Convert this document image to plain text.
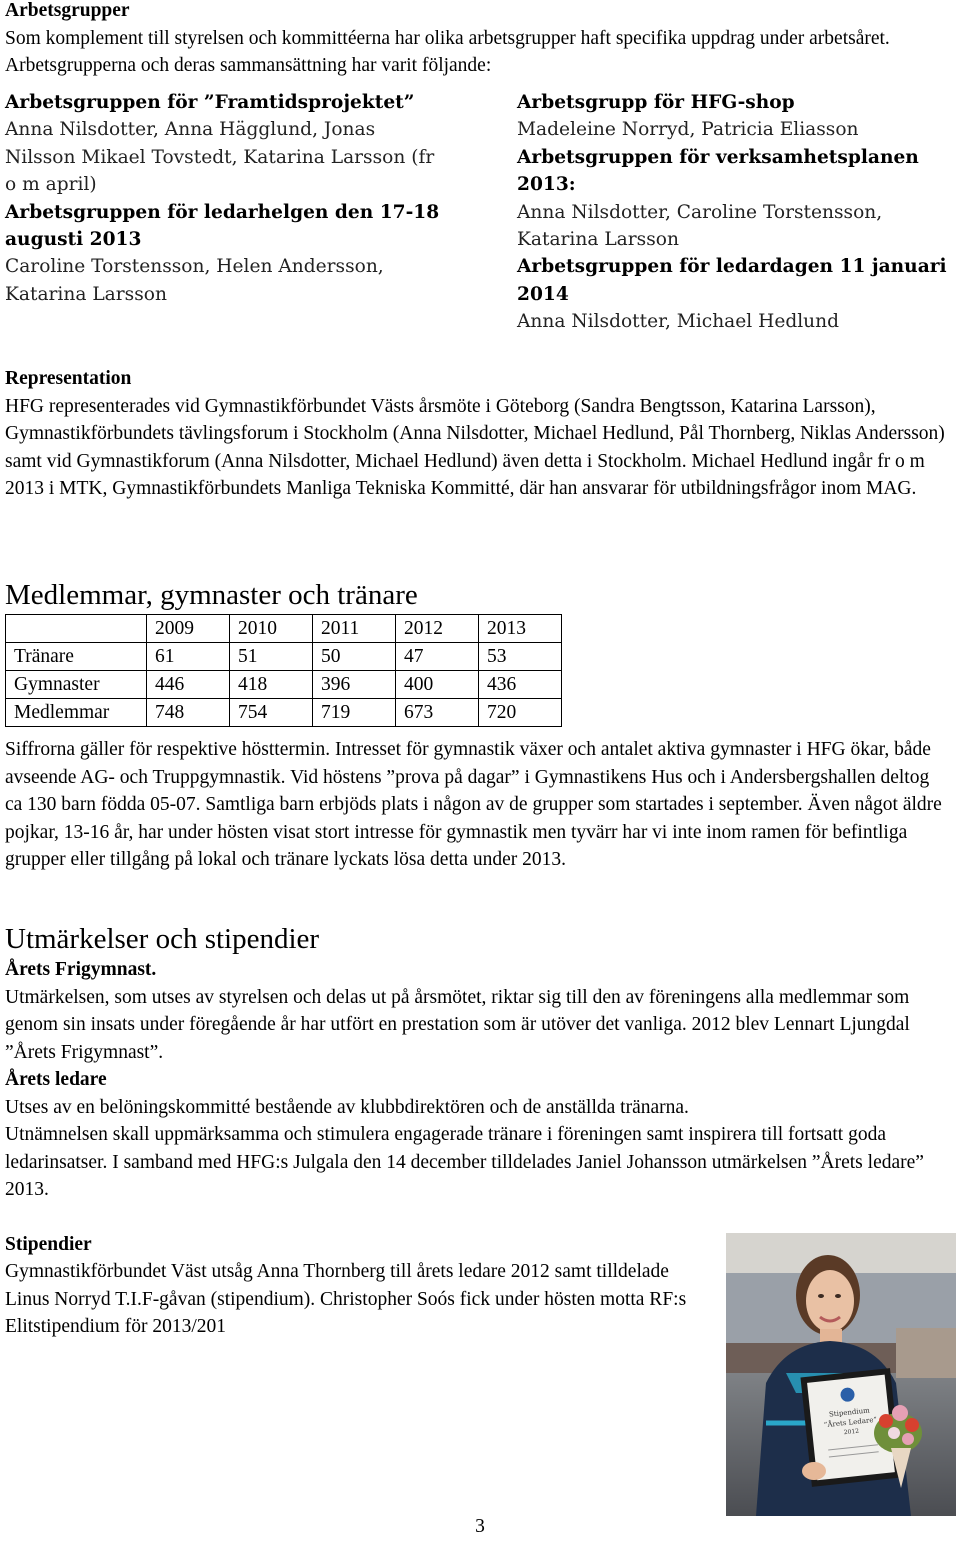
Arbetsgrupper

Som komplement till styrelsen och kommittéerna har olika arbetsgrupper haft specifika uppdrag under arbetsåret. Arbetsgrupperna och deras sammansättning har varit följande:

Arbetsgruppen för ”Framtidsprojektet”
Anna Nilsdotter, Anna Hägglund, Jonas Nilsson Mikael Tovstedt, Katarina Larsson (fr o m april)
Arbetsgruppen för ledarhelgen den 17-18 augusti 2013
Caroline Torstensson, Helen Andersson, Katarina Larsson
Arbetsgrupp för HFG-shop
Madeleine Norryd, Patricia Eliasson
Arbetsgruppen för verksamhetsplanen 2013:
Anna Nilsdotter, Caroline Torstensson, Katarina Larsson
Arbetsgruppen för ledardagen 11 januari 2014
Anna Nilsdotter, Michael Hedlund
Representation

HFG representerades vid Gymnastikförbundet Västs årsmöte i Göteborg (Sandra Bengtsson, Katarina Larsson), Gymnastikförbundets tävlingsforum i Stockholm (Anna Nilsdotter, Michael Hedlund, Pål Thornberg, Niklas Andersson) samt vid Gymnastikforum (Anna Nilsdotter, Michael Hedlund) även detta i Stockholm. Michael Hedlund ingår fr o m 2013 i MTK, Gymnastikförbundets Manliga Tekniska Kommitté, där han ansvarar för utbildningsfrågor inom MAG.

Medlemmar, gymnaster och tränare
	2009	2010	2011	2012	2013
Tränare	61	51	50	47	53
Gymnaster	446	418	396	400	436
Medlemmar	748	754	719	673	720

Siffrorna gäller för respektive hösttermin. Intresset för gymnastik växer och antalet aktiva gymnaster i HFG ökar, både avseende AG- och Truppgymnastik. Vid höstens ”prova på dagar” i Gymnastikens Hus och i Andersbergshallen deltog ca 130 barn födda 05-07. Samtliga barn erbjöds plats i någon av de grupper som startades i september. Även något äldre pojkar, 13-16 år, har under hösten visat stort intresse för gymnastik men tyvärr har vi inte inom ramen för befintliga grupper eller tillgång på lokal och tränare lyckats lösa detta under 2013.

Utmärkelser och stipendier
Årets Frigymnast.

Utmärkelsen, som utses av styrelsen och delas ut på årsmötet, riktar sig till den av föreningens alla medlemmar som genom sin insats under föregående år har utfört en prestation som är utöver det vanliga. 2012 blev Lennart Ljungdal ”Årets Frigymnast”.

Årets ledare

Utses av en belöningskommitté bestående av klubbdirektören och de anställda tränarna.

Utnämnelsen skall uppmärksamma och stimulera engagerade tränare i föreningen samt inspirera till fortsatt goda ledarinsatser. I samband med HFG:s Julgala den 14 december tilldelades Janiel Johansson utmärkelsen ”Årets ledare” 2013.

Stipendier

Gymnastikförbundet Väst utsåg Anna Thornberg till årets ledare 2012 samt tilldelade Linus Norryd T.I.F-gåvan (stipendium). Christopher Soós fick under hösten motta RF:s Elitstipendium för 2013/201

Stipendium
”Årets Ledare”
2012
3
